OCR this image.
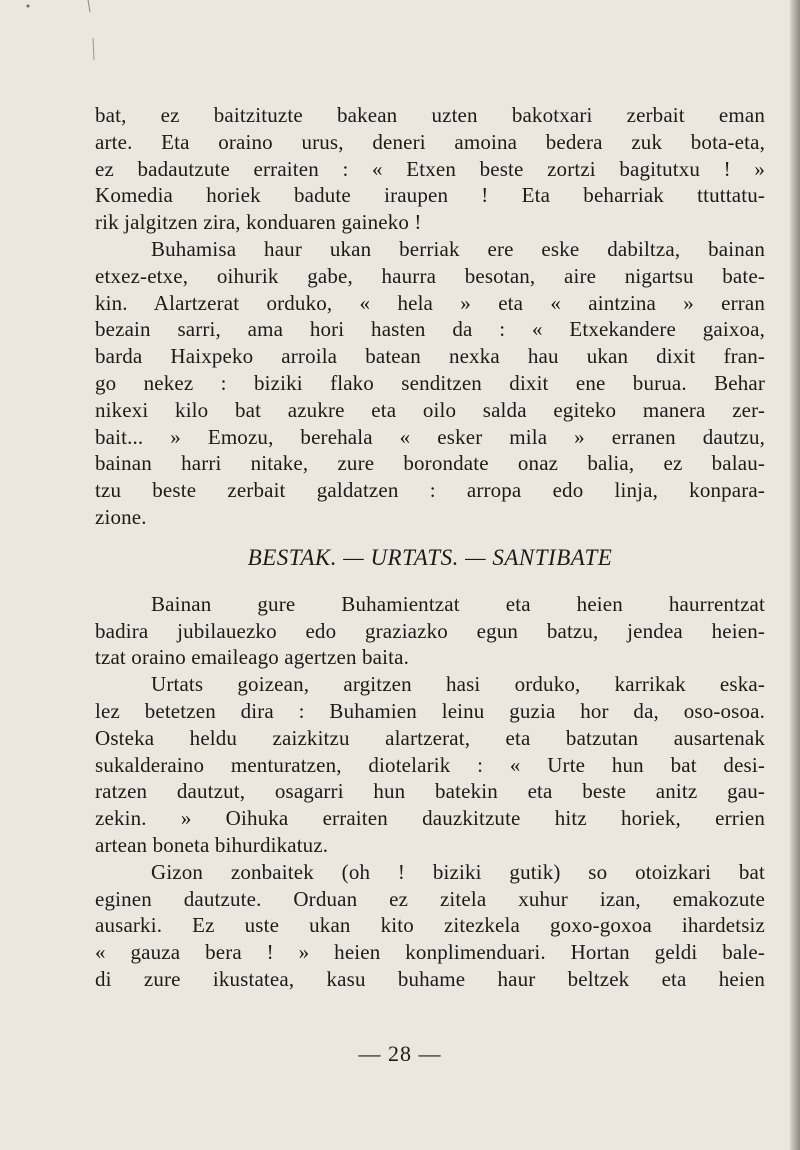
bat, ez baitzituzte bakean uzten bakotxari zerbait eman
arte. Eta oraino urus, deneri amoina bedera zuk bota-eta,
ez badautzute erraiten : « Etxen beste zortzi bagitutxu ! »
Komedia horiek badute iraupen ! Eta beharriak ttuttatu-
rik jalgitzen zira, konduaren gaineko !
Buhamisa haur ukan berriak ere eske dabiltza, bainan
etxez-etxe, oihurik gabe, haurra besotan, aire nigartsu bate-
kin. Alartzerat orduko, « hela » eta « aintzina » erran
bezain sarri, ama hori hasten da : « Etxekandere gaixoa,
barda Haixpeko arroila batean nexka hau ukan dixit fran-
go nekez : biziki flako senditzen dixit ene burua. Behar
nikexi kilo bat azukre eta oilo salda egiteko manera zer-
bait... » Emozu, berehala « esker mila » erranen dautzu,
bainan harri nitake, zure borondate onaz balia, ez balau-
tzu beste zerbait galdatzen : arropa edo linja, konpara-
zione.
BESTAK. — URTATS. — SANTIBATE
Bainan gure Buhamientzat eta heien haurrentzat
badira jubilauezko edo graziazko egun batzu, jendea heien-
tzat oraino emaileago agertzen baita.
Urtats goizean, argitzen hasi orduko, karrikak eska-
lez betetzen dira : Buhamien leinu guzia hor da, oso-osoa.
Osteka heldu zaizkitzu alartzerat, eta batzutan ausartenak
sukalderaino menturatzen, diotelarik : « Urte hun bat desi-
ratzen dautzut, osagarri hun batekin eta beste anitz gau-
zekin. » Oihuka erraiten dauzkitzute hitz horiek, errien
artean boneta bihurdikatuz.
Gizon zonbaitek (oh ! biziki gutik) so otoizkari bat
eginen dautzute. Orduan ez zitela xuhur izan, emakozute
ausarki. Ez uste ukan kito zitezkela goxo-goxoa ihardetsiz
« gauza bera ! » heien konplimenduari. Hortan geldi bale-
di zure ikustatea, kasu buhame haur beltzek eta heien
— 28 —
